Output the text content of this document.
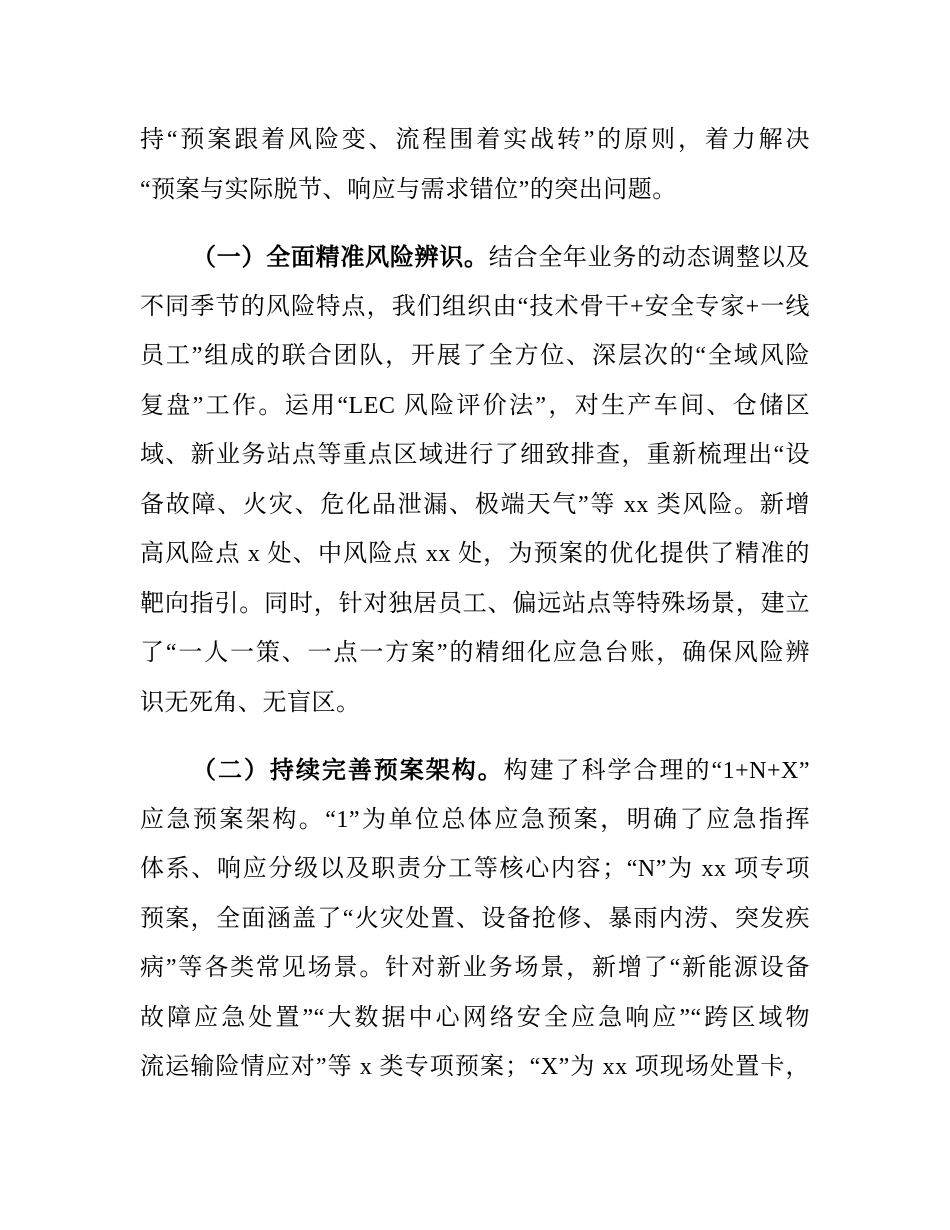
持“预案跟着风险变、流程围着实战转”的原则，着力解决
“预案与实际脱节、响应与需求错位”的突出问题。
（一）全面精准风险辨识。结合全年业务的动态调整以及
不同季节的风险特点，我们组织由“技术骨干+安全专家+一线
员工”组成的联合团队，开展了全方位、深层次的“全域风险
复盘”工作。运用“LEC 风险评价法”，对生产车间、仓储区
域、新业务站点等重点区域进行了细致排查，重新梳理出“设
备故障、火灾、危化品泄漏、极端天气”等 xx 类风险。新增
高风险点 x 处、中风险点 xx 处，为预案的优化提供了精准的
靶向指引。同时，针对独居员工、偏远站点等特殊场景，建立
了“一人一策、一点一方案”的精细化应急台账，确保风险辨
识无死角、无盲区。
（二）持续完善预案架构。构建了科学合理的“1+N+X”
应急预案架构。“1”为单位总体应急预案，明确了应急指挥
体系、响应分级以及职责分工等核心内容；“N”为 xx 项专项
预案，全面涵盖了“火灾处置、设备抢修、暴雨内涝、突发疾
病”等各类常见场景。针对新业务场景，新增了“新能源设备
故障应急处置”“大数据中心网络安全应急响应”“跨区域物
流运输险情应对”等 x 类专项预案；“X”为 xx 项现场处置卡，
